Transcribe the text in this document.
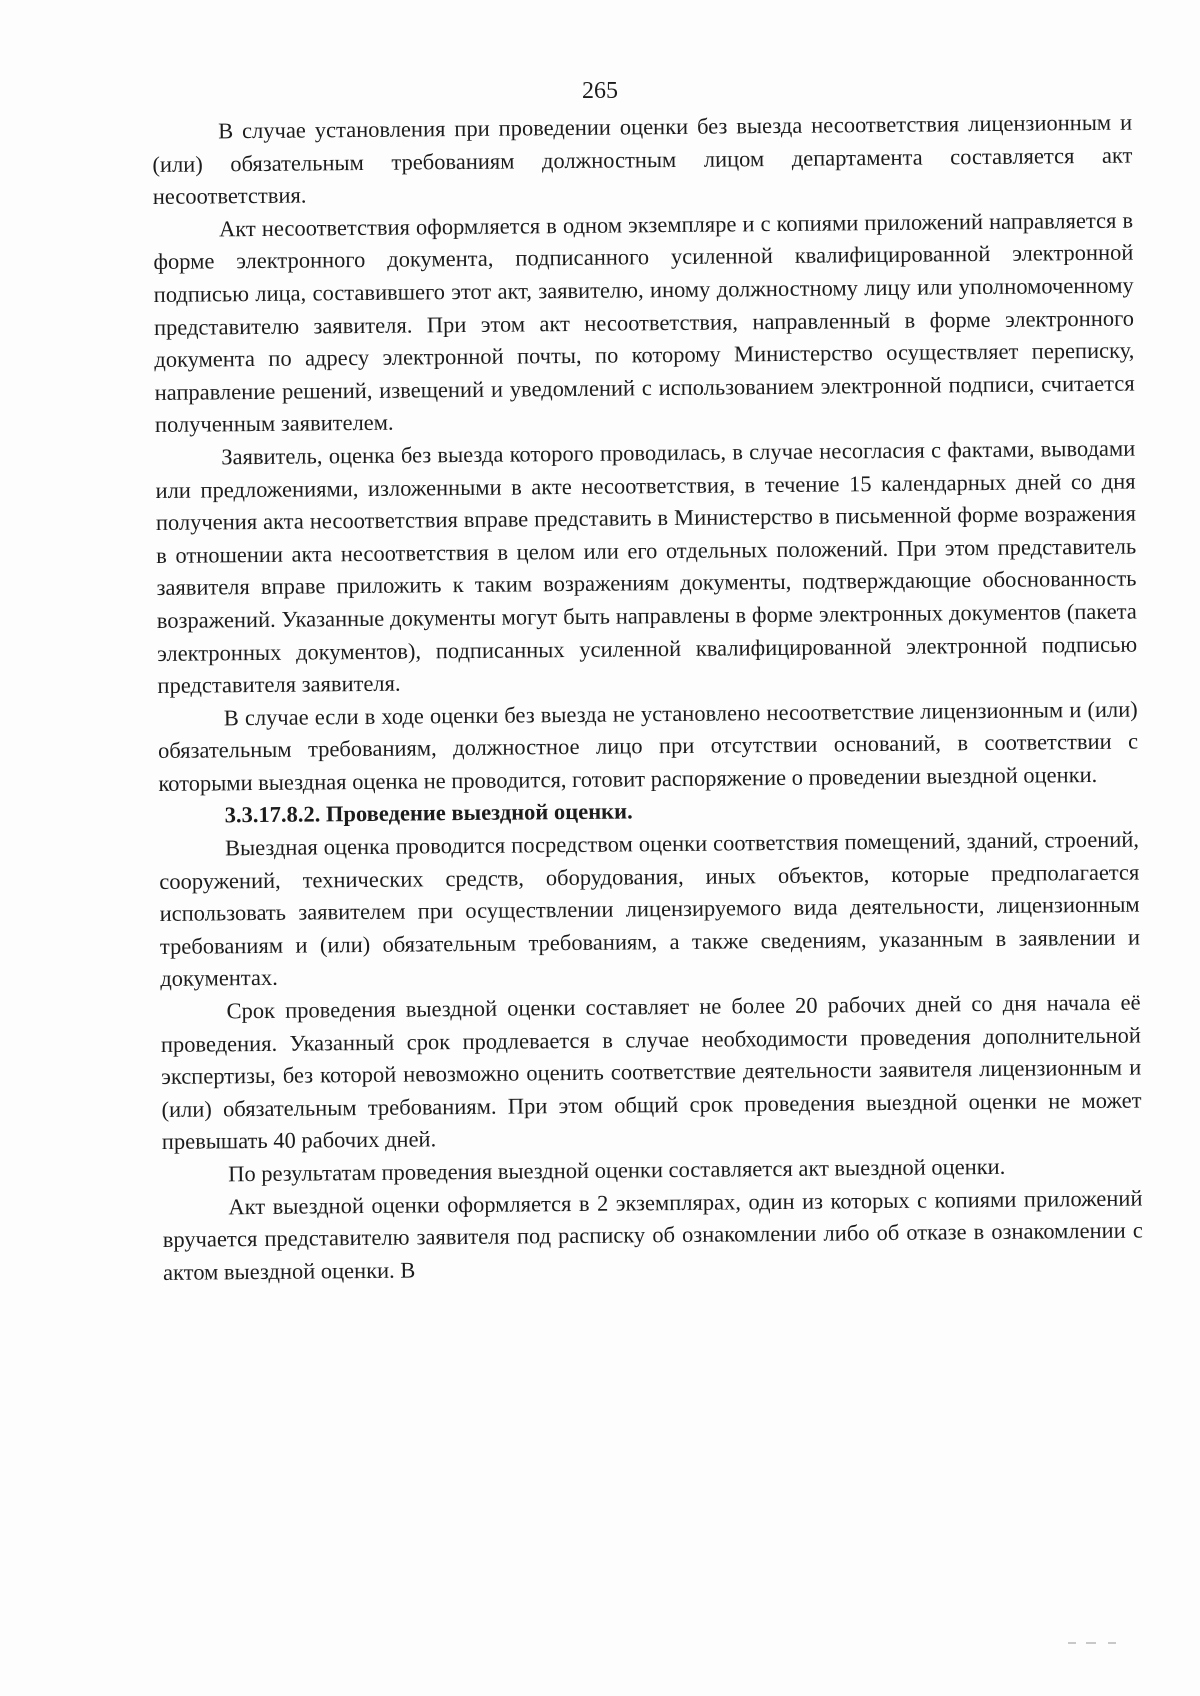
265

В случае установления при проведении оценки без выезда несоответствия лицензионным и (или) обязательным требованиям должностным лицом департамента составляется акт несоответствия.

Акт несоответствия оформляется в одном экземпляре и с копиями приложений направляется в форме электронного документа, подписанного усиленной квалифицированной электронной подписью лица, составившего этот акт, заявителю, иному должностному лицу или уполномоченному представителю заявителя. При этом акт несоответствия, направленный в форме электронного документа по адресу электронной почты, по которому Министерство осуществляет переписку, направление решений, извещений и уведомлений с использованием электронной подписи, считается полученным заявителем.

Заявитель, оценка без выезда которого проводилась, в случае несогласия с фактами, выводами или предложениями, изложенными в акте несоответствия, в течение 15 календарных дней со дня получения акта несоответствия вправе представить в Министерство в письменной форме возражения в отношении акта несоответствия в целом или его отдельных положений. При этом представитель заявителя вправе приложить к таким возражениям документы, подтверждающие обоснованность возражений. Указанные документы могут быть направлены в форме электронных документов (пакета электронных документов), подписанных усиленной квалифицированной электронной подписью представителя заявителя.

В случае если в ходе оценки без выезда не установлено несоответствие лицензионным и (или) обязательным требованиям, должностное лицо при отсутствии оснований, в соответствии с которыми выездная оценка не проводится, готовит распоряжение о проведении выездной оценки.

3.3.17.8.2. Проведение выездной оценки.

Выездная оценка проводится посредством оценки соответствия помещений, зданий, строений, сооружений, технических средств, оборудования, иных объектов, которые предполагается использовать заявителем при осуществлении лицензируемого вида деятельности, лицензионным требованиям и (или) обязательным требованиям, а также сведениям, указанным в заявлении и документах.

Срок проведения выездной оценки составляет не более 20 рабочих дней со дня начала её проведения. Указанный срок продлевается в случае необходимости проведения дополнительной экспертизы, без которой невозможно оценить соответствие деятельности заявителя лицензионным и (или) обязательным требованиям. При этом общий срок проведения выездной оценки не может превышать 40 рабочих дней.

По результатам проведения выездной оценки составляется акт выездной оценки.

Акт выездной оценки оформляется в 2 экземплярах, один из которых с копиями приложений вручается представителю заявителя под расписку об ознакомлении либо об отказе в ознакомлении с актом выездной оценки. В
